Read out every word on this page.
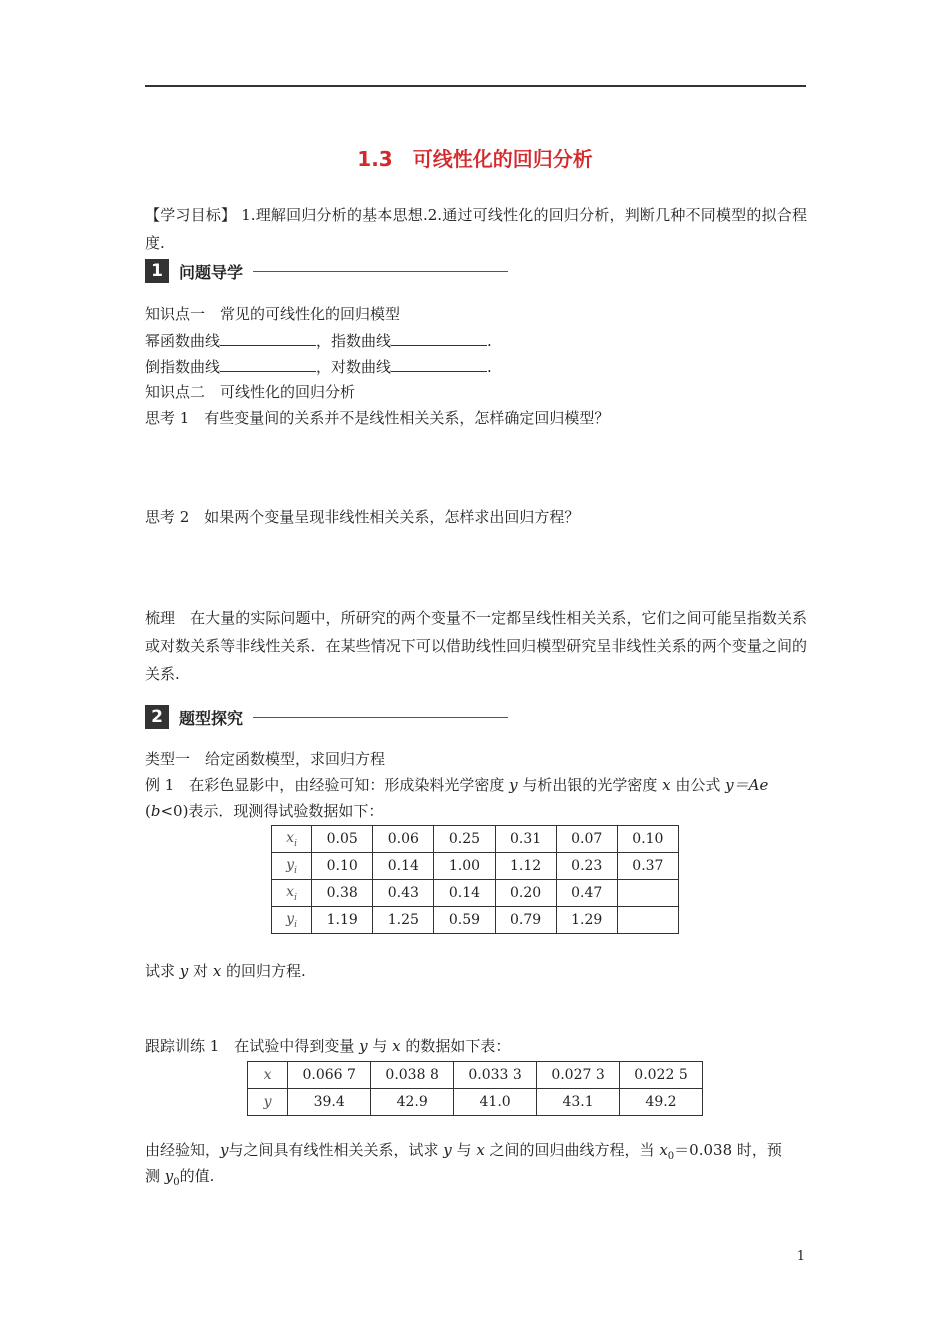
1.3　可线性化的回归分析
【学习目标】 1.理解回归分析的基本思想.2.通过可线性化的回归分析，判断几种不同模型的拟合程度.
1	问题导学
知识点一　常见的可线性化的回归模型
幂函数曲线	，指数曲线	.
倒指数曲线	，对数曲线	.
知识点二　可线性化的回归分析
思考 1　有些变量间的关系并不是线性相关关系，怎样确定回归模型？
思考 2　如果两个变量呈现非线性相关关系，怎样求出回归方程？
梳理　在大量的实际问题中，所研究的两个变量不一定都呈线性相关关系，它们之间可能呈指数关系或对数关系等非线性关系．在某些情况下可以借助线性回归模型研究呈非线性关系的两个变量之间的关系.
2	题型探究
类型一　给定函数模型，求回归方程
例 1　在彩色显影中，由经验可知：形成染料光学密度 y 与析出银的光学密度 x 由公式 y＝Ae
(b<0)表示．现测得试验数据如下：
$x_i$	0.05	0.06	0.25	0.31	0.07	0.10
$y_i$	0.10	0.14	1.00	1.12	0.23	0.37
$x_i$	0.38	0.43	0.14	0.20	0.47	
$y_i$	1.19	1.25	0.59	0.79	1.29	
试求 y 对 x 的回归方程.
跟踪训练 1　在试验中得到变量 y 与 x 的数据如下表：
x	0.066 7	0.038 8	0.033 3	0.027 3	0.022 5
y	39.4	42.9	41.0	43.1	49.2
由经验知，y与之间具有线性相关关系，试求 y 与 x 之间的回归曲线方程，当 $x_0=0.038$ 时，预
测 $y_0$的值.
1
